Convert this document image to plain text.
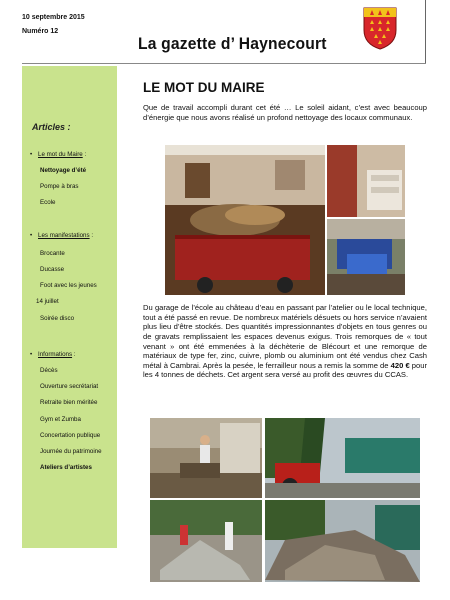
10 septembre 2015
Numéro 12
La gazette d’ Haynecourt
Articles :
• Le mot du Maire :
Nettoyage d’été
Pompe à bras
Ecole
• Les manifestations :
Brocante
Ducasse
Foot avec les jeunes
14 juillet
Soirée disco
• Informations :
Décès
Ouverture secrétariat
Retraite bien méritée
Gym et Zumba
Concertation publique
Journée du patrimoine
Ateliers d’artistes
LE MOT DU MAIRE
Que de travail accompli durant cet été … Le soleil aidant, c’est avec beaucoup d’énergie que nous avons réalisé un profond nettoyage des locaux communaux.
Du garage de l’école au château d’eau en passant par l’atelier ou le local technique, tout a été passé en revue. De nombreux matériels désuets ou hors service n’avaient plus lieu d’être stockés. Des quantités impressionnantes d’objets en tous genres ou de gravats remplissaient les espaces devenus exigus. Trois remorques de « tout venant » ont été emmenées à la déchèterie de Blécourt et une remorque de matériaux de type fer, zinc, cuivre, plomb ou aluminium ont été vendus chez Cash métal à Cambrai. Après la pesée, le ferrailleur nous a remis la somme de 420 € pour les 4 tonnes de déchets. Cet argent sera versé au profit des œuvres du CCAS.
